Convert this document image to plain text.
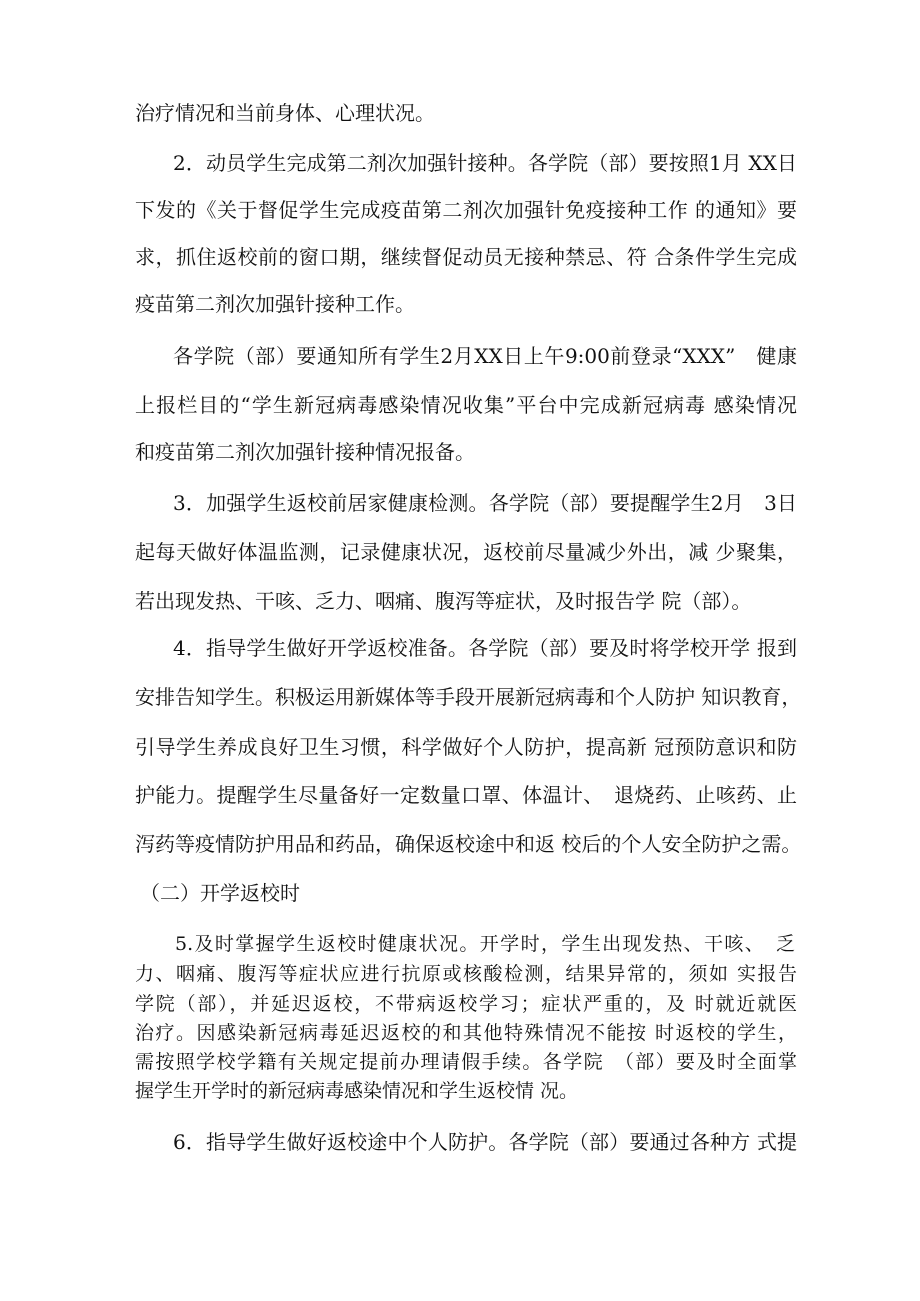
治疗情况和当前身体、心理状况。
2．动员学生完成第二剂次加强针接种。各学院（部）要按照1月 XX日
下发的《关于督促学生完成疫苗第二剂次加强针免疫接种工作 的通知》要
求，抓住返校前的窗口期，继续督促动员无接种禁忌、符 合条件学生完成
疫苗第二剂次加强针接种工作。
各学院（部）要通知所有学生2月XX日上午9:00前登录“XXX”　健康
上报栏目的“学生新冠病毒感染情况收集”平台中完成新冠病毒 感染情况
和疫苗第二剂次加强针接种情况报备。
3．加强学生返校前居家健康检测。各学院（部）要提醒学生2月　3日
起每天做好体温监测，记录健康状况，返校前尽量减少外出，减 少聚集，
若出现发热、干咳、乏力、咽痛、腹泻等症状，及时报告学 院（部）。
4．指导学生做好开学返校准备。各学院（部）要及时将学校开学 报到
安排告知学生。积极运用新媒体等手段开展新冠病毒和个人防护 知识教育，
引导学生养成良好卫生习惯，科学做好个人防护，提高新 冠预防意识和防
护能力。提醒学生尽量备好一定数量口罩、体温计、　退烧药、止咳药、止
泻药等疫情防护用品和药品，确保返校途中和返 校后的个人安全防护之需。
（二）开学返校时
5.及时掌握学生返校时健康状况。开学时，学生出现发热、干咳、　乏
力、咽痛、腹泻等症状应进行抗原或核酸检测，结果异常的，须如 实报告
学院（部），并延迟返校，不带病返校学习；症状严重的，及 时就近就医
治疗。因感染新冠病毒延迟返校的和其他特殊情况不能按 时返校的学生，
需按照学校学籍有关规定提前办理请假手续。各学院　（部）要及时全面掌
握学生开学时的新冠病毒感染情况和学生返校情 况。
6．指导学生做好返校途中个人防护。各学院（部）要通过各种方 式提
